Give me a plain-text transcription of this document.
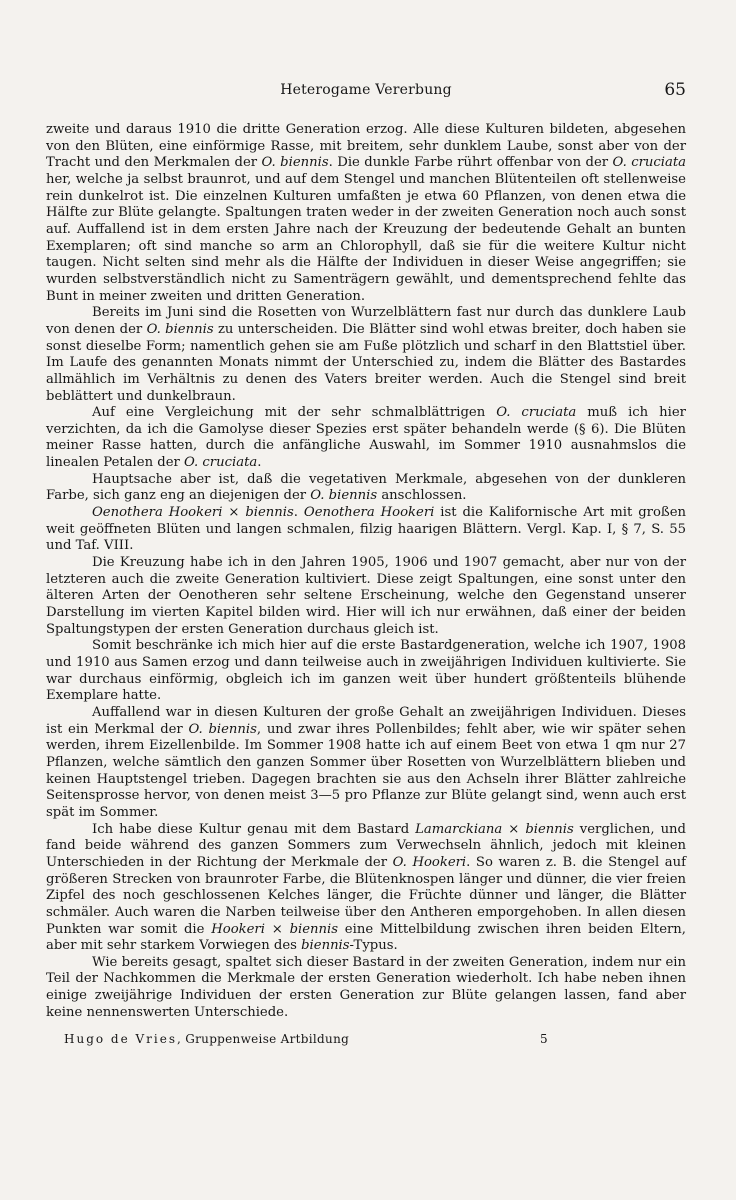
Heterogame Vererbung	65

zweite und daraus 1910 die dritte Generation erzog. Alle diese Kulturen bildeten, abgesehen von den Blüten, eine einförmige Rasse, mit breitem, sehr dunklem Laube, sonst aber von der Tracht und den Merkmalen der O. biennis. Die dunkle Farbe rührt offenbar von der O. cruciata her, welche ja selbst braunrot, und auf dem Stengel und manchen Blütenteilen oft stellenweise rein dunkelrot ist. Die einzelnen Kulturen umfaßten je etwa 60 Pflanzen, von denen etwa die Hälfte zur Blüte gelangte. Spaltungen traten weder in der zweiten Generation noch auch sonst auf. Auffallend ist in dem ersten Jahre nach der Kreuzung der bedeutende Gehalt an bunten Exemplaren; oft sind manche so arm an Chlorophyll, daß sie für die weitere Kultur nicht taugen. Nicht selten sind mehr als die Hälfte der Individuen in dieser Weise angegriffen; sie wurden selbstverständlich nicht zu Samenträgern gewählt, und dementsprechend fehlte das Bunt in meiner zweiten und dritten Generation.

Bereits im Juni sind die Rosetten von Wurzelblättern fast nur durch das dunklere Laub von denen der O. biennis zu unterscheiden. Die Blätter sind wohl etwas breiter, doch haben sie sonst dieselbe Form; namentlich gehen sie am Fuße plötzlich und scharf in den Blattstiel über. Im Laufe des genannten Monats nimmt der Unterschied zu, indem die Blätter des Bastardes allmählich im Verhältnis zu denen des Vaters breiter werden. Auch die Stengel sind breit beblättert und dunkelbraun.

Auf eine Vergleichung mit der sehr schmalblättrigen O. cruciata muß ich hier verzichten, da ich die Gamolyse dieser Spezies erst später behandeln werde (§ 6). Die Blüten meiner Rasse hatten, durch die anfängliche Auswahl, im Sommer 1910 ausnahmslos die linealen Petalen der O. cruciata.

Hauptsache aber ist, daß die vegetativen Merkmale, abgesehen von der dunkleren Farbe, sich ganz eng an diejenigen der O. biennis anschlossen.

Oenothera Hookeri × biennis. Oenothera Hookeri ist die Kalifornische Art mit großen weit geöffneten Blüten und langen schmalen, filzig haarigen Blättern. Vergl. Kap. I, § 7, S. 55 und Taf. VIII.

Die Kreuzung habe ich in den Jahren 1905, 1906 und 1907 gemacht, aber nur von der letzteren auch die zweite Generation kultiviert. Diese zeigt Spaltungen, eine sonst unter den älteren Arten der Oenotheren sehr seltene Erscheinung, welche den Gegenstand unserer Darstellung im vierten Kapitel bilden wird. Hier will ich nur erwähnen, daß einer der beiden Spaltungstypen der ersten Generation durchaus gleich ist.

Somit beschränke ich mich hier auf die erste Bastardgeneration, welche ich 1907, 1908 und 1910 aus Samen erzog und dann teilweise auch in zweijährigen Individuen kultivierte. Sie war durchaus einförmig, obgleich ich im ganzen weit über hundert größtenteils blühende Exemplare hatte.

Auffallend war in diesen Kulturen der große Gehalt an zweijährigen Individuen. Dieses ist ein Merkmal der O. biennis, und zwar ihres Pollenbildes; fehlt aber, wie wir später sehen werden, ihrem Eizellenbilde. Im Sommer 1908 hatte ich auf einem Beet von etwa 1 qm nur 27 Pflanzen, welche sämtlich den ganzen Sommer über Rosetten von Wurzelblättern blieben und keinen Hauptstengel trieben. Dagegen brachten sie aus den Achseln ihrer Blätter zahlreiche Seitensprosse hervor, von denen meist 3—5 pro Pflanze zur Blüte gelangt sind, wenn auch erst spät im Sommer.

Ich habe diese Kultur genau mit dem Bastard Lamarckiana × biennis verglichen, und fand beide während des ganzen Sommers zum Verwechseln ähnlich, jedoch mit kleinen Unterschieden in der Richtung der Merkmale der O. Hookeri. So waren z. B. die Stengel auf größeren Strecken von braunroter Farbe, die Blütenknospen länger und dünner, die vier freien Zipfel des noch geschlossenen Kelches länger, die Früchte dünner und länger, die Blätter schmäler. Auch waren die Narben teilweise über den Antheren emporgehoben. In allen diesen Punkten war somit die Hookeri × biennis eine Mittelbildung zwischen ihren beiden Eltern, aber mit sehr starkem Vorwiegen des biennis-Typus.

Wie bereits gesagt, spaltet sich dieser Bastard in der zweiten Generation, indem nur ein Teil der Nachkommen die Merkmale der ersten Generation wiederholt. Ich habe neben ihnen einige zweijährige Individuen der ersten Generation zur Blüte gelangen lassen, fand aber keine nennenswerten Unterschiede.

Hugo de Vries, Gruppenweise Artbildung	5
